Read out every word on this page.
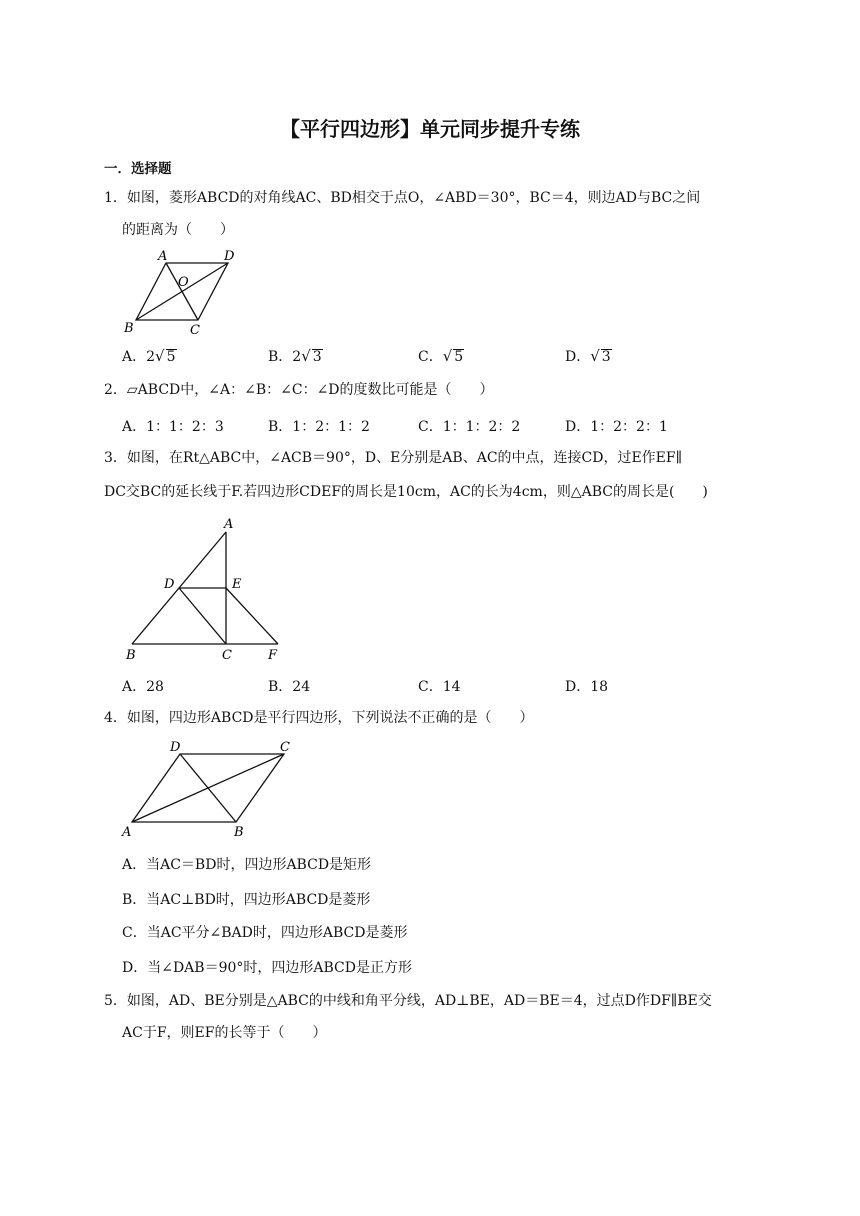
【平行四边形】单元同步提升专练
一．选择题
1．如图，菱形ABCD的对角线AC、BD相交于点O，∠ABD＝30°，BC＝4，则边AD与BC之间
的距离为（　　）
A	D
B	C
O
A．2√ 5	B．2√ 3	C．√ 5	D．√ 3
2．▱ABCD中，∠A：∠B：∠C：∠D的度数比可能是（　　）
A．1：1：2：3	B．1：2：1：2	C．1：1：2：2	D．1：2：2：1
3．如图，在Rt△ABC中，∠ACB＝90°，D、E分别是AB、AC的中点，连接CD，过E作EF∥
DC交BC的延长线于F.若四边形CDEF的周长是10cm，AC的长为4cm，则△ABC的周长是(　　)
A
D	E
B	C	F
A．28	B．24	C．14	D．18
4．如图，四边形ABCD是平行四边形，下列说法不正确的是（　　）
D	C
A	B
A．当AC＝BD时，四边形ABCD是矩形
B．当AC⊥BD时，四边形ABCD是菱形
C．当AC平分∠BAD时，四边形ABCD是菱形
D．当∠DAB＝90°时，四边形ABCD是正方形
5．如图，AD、BE分别是△ABC的中线和角平分线，AD⊥BE，AD＝BE＝4，过点D作DF∥BE交
AC于F，则EF的长等于（　　）
